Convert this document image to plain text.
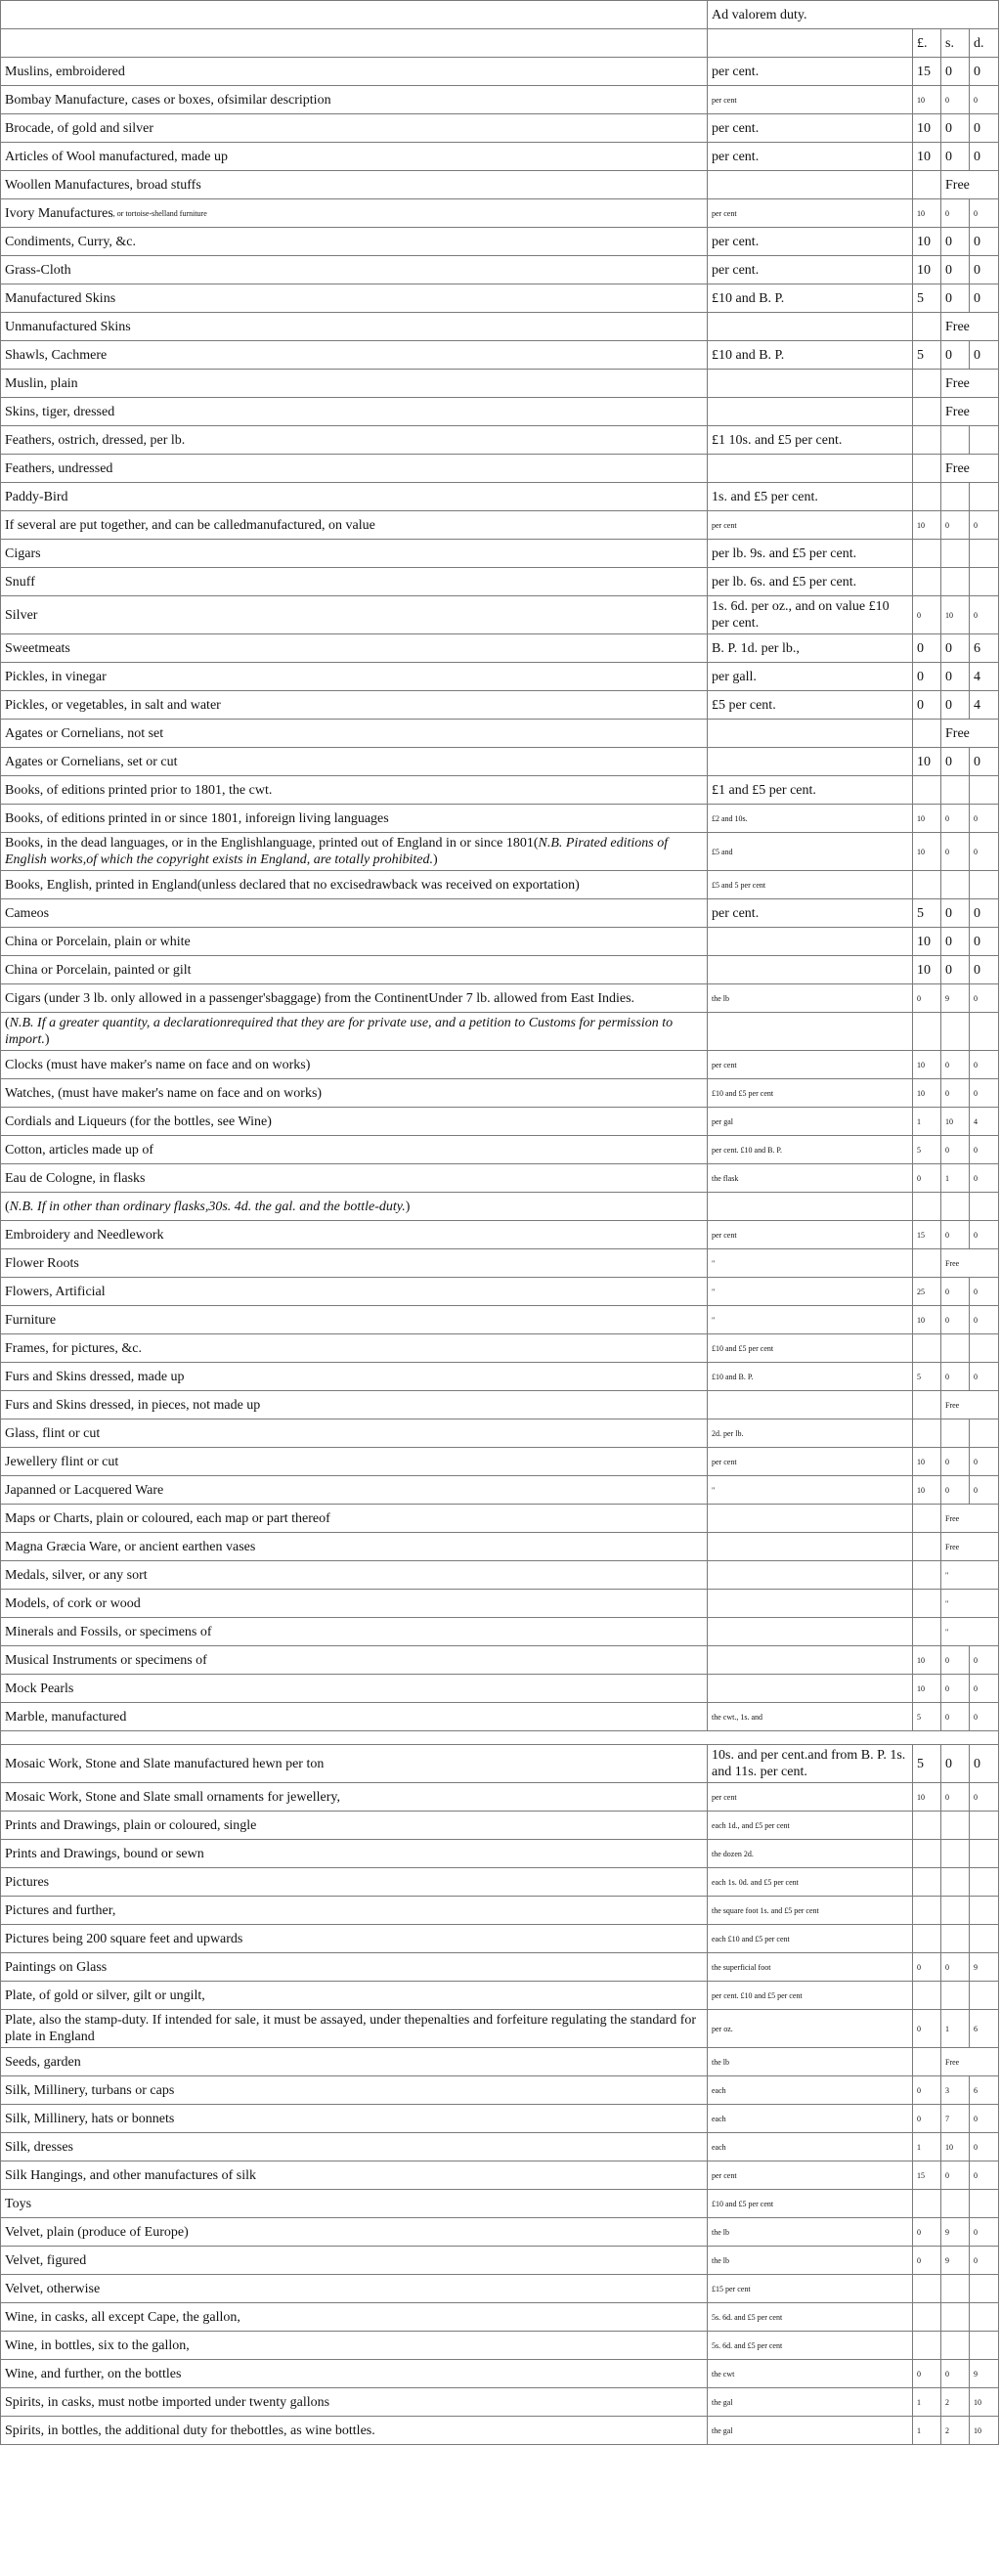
	Ad valorem duty.			
		£.	s.	d.
Muslins, embroidered	per cent.	15	0	0
Bombay Manufacture, cases or boxes, ofsimilar description	per cent	10	0	0
Brocade, of gold and silver	per cent.	10	0	0
Articles of Wool manufactured, made up	per cent.	10	0	0
Woollen Manufactures, broad stuffs			Free	
Ivory Manufactures, or tortoise-shelland furniture	per cent	10	0	0
Condiments, Curry, &c.	per cent.	10	0	0
Grass-Cloth	per cent.	10	0	0
Manufactured Skins	£10 and B. P.	5	0	0
Unmanufactured Skins			Free	
Shawls, Cachmere	£10 and B. P.	5	0	0
Muslin, plain			Free	
Skins, tiger, dressed			Free	
Feathers, ostrich, dressed, per lb.	£1 10s. and £5 per cent.			
Feathers, undressed			Free	
Paddy-Bird	1s. and £5 per cent.			
If several are put together, and can be calledmanufactured, on value	per cent	10	0	0
Cigars	per lb. 9s. and £5 per cent.			
Snuff	per lb. 6s. and £5 per cent.			
Silver	1s. 6d. per oz., and on value £10 per cent.	0	10	0
Sweetmeats	B. P. 1d. per lb.,	0	0	6
Pickles, in vinegar	per gall.	0	0	4
Pickles, or vegetables, in salt and water	£5 per cent.	0	0	4
Agates or Cornelians, not set			Free	
Agates or Cornelians, set or cut		10	0	0
Books, of editions printed prior to 1801, the cwt.	£1 and £5 per cent.			
Books, of editions printed in or since 1801, inforeign living languages	£2 and 10s.	10	0	0
Books, in the dead languages, or in the Englishlanguage, printed out of England in or since 1801(N.B. Pirated editions of English works,of which the copyright exists in England, are totally prohibited.)	£5 and	10	0	0
Books, English, printed in England(unless declared that no excisedrawback was received on exportation)	£5 and 5 per cent			
Cameos	per cent.	5	0	0
China or Porcelain, plain or white		10	0	0
China or Porcelain, painted or gilt		10	0	0
Cigars (under 3 lb. only allowed in a passenger'sbaggage) from the ContinentUnder 7 lb. allowed from East Indies.	the lb	0	9	0
(N.B. If a greater quantity, a declarationrequired that they are for private use, and a petition to Customs for permission to import.)				
Clocks (must have maker's name on face and on works)	per cent	10	0	0
Watches, (must have maker's name on face and on works)	£10 and £5 per cent	10	0	0
Cordials and Liqueurs (for the bottles, see Wine)	per gal	1	10	4
Cotton, articles made up of	per cent. £10 and B. P.	5	0	0
Eau de Cologne, in flasks	the flask	0	1	0
(N.B. If in other than ordinary flasks,30s. 4d. the gal. and the bottle-duty.)				
Embroidery and Needlework	per cent	15	0	0
Flower Roots	"		Free	
Flowers, Artificial	"	25	0	0
Furniture	"	10	0	0
Frames, for pictures, &c.	£10 and £5 per cent			
Furs and Skins dressed, made up	£10 and B. P.	5	0	0
Furs and Skins dressed, in pieces, not made up			Free	
Glass, flint or cut	2d. per lb.			
Jewellery flint or cut	per cent	10	0	0
Japanned or Lacquered Ware	"	10	0	0
Maps or Charts, plain or coloured, each map or part thereof			Free	
Magna Græcia Ware, or ancient earthen vases			Free	
Medals, silver, or any sort			"	
Models, of cork or wood			"	
Minerals and Fossils, or specimens of			"	
Musical Instruments or specimens of		10	0	0
Mock Pearls		10	0	0
Marble, manufactured	the cwt., 1s. and	5	0	0

Mosaic Work, Stone and Slate manufactured hewn per ton	10s. and per cent.and from B. P. 1s. and 11s. per cent.	5	0	0
Mosaic Work, Stone and Slate small ornaments for jewellery,	per cent	10	0	0
Prints and Drawings, plain or coloured, single	each 1d., and £5 per cent			
Prints and Drawings, bound or sewn	the dozen 2d.			
Pictures	each 1s. 0d. and £5 per cent			
Pictures and further,	the square foot 1s. and £5 per cent			
Pictures being 200 square feet and upwards	each £10 and £5 per cent			
Paintings on Glass	the superficial foot	0	0	9
Plate, of gold or silver, gilt or ungilt,	per cent. £10 and £5 per cent			
Plate, also the stamp-duty. If intended for sale, it must be assayed, under thepenalties and forfeiture regulating the standard for plate in England	per oz.	0	1	6
Seeds, garden	the lb		Free	
Silk, Millinery, turbans or caps	each	0	3	6
Silk, Millinery, hats or bonnets	each	0	7	0
Silk, dresses	each	1	10	0
Silk Hangings, and other manufactures of silk	per cent	15	0	0
Toys	£10 and £5 per cent			
Velvet, plain (produce of Europe)	the lb	0	9	0
Velvet, figured	the lb	0	9	0
Velvet, otherwise	£15 per cent			
Wine, in casks, all except Cape, the gallon,	5s. 6d. and £5 per cent			
Wine, in bottles, six to the gallon,	5s. 6d. and £5 per cent			
Wine, and further, on the bottles	the cwt	0	0	9
Spirits, in casks, must notbe imported under twenty gallons	the gal	1	2	10
Spirits, in bottles, the additional duty for thebottles, as wine bottles.	the gal	1	2	10
